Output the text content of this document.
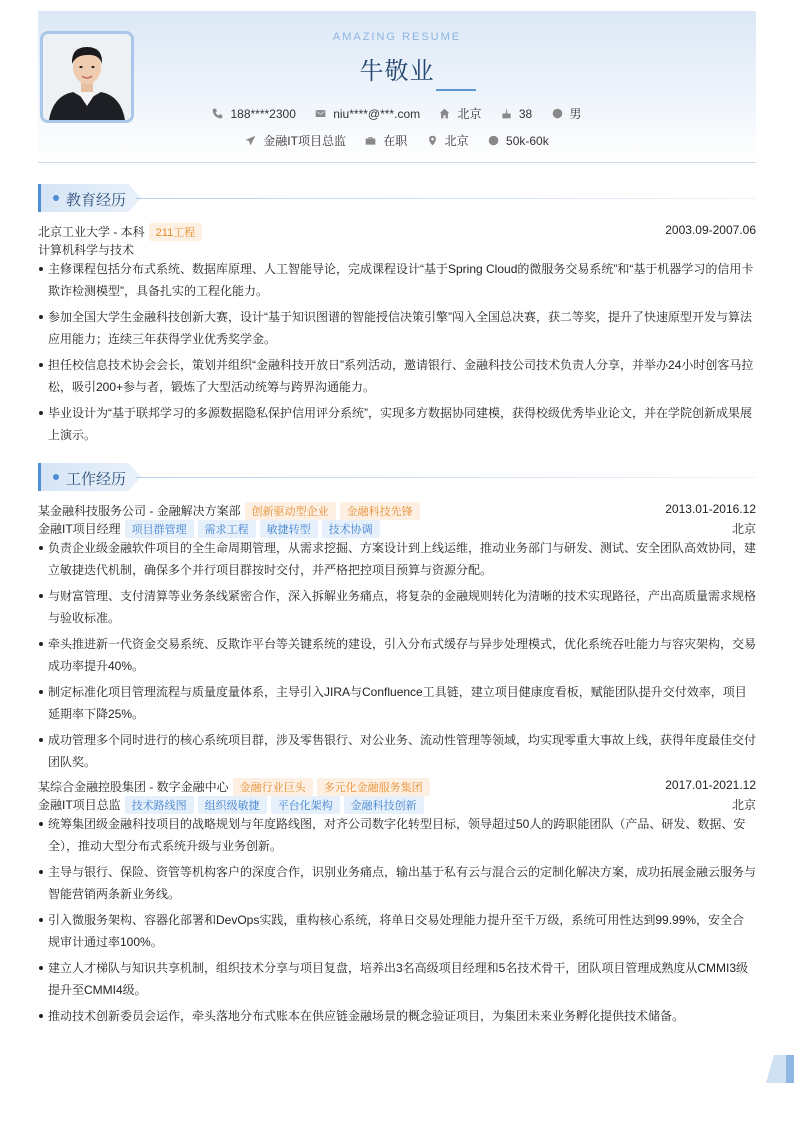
AMAZING RESUME
牛敬业
188****2300
	niu****@***.com
	北京
	38
	男
金融IT项目总监
	在职
	北京
	50k-60k
教育经历
北京工业大学 - 本科 211工程	2003.09-2007.06
计算机科学与技术
主修课程包括分布式系统、数据库原理、人工智能导论，完成课程设计“基于Spring Cloud的微服务交易系统”和“基于机器学习的信用卡欺诈检测模型”，具备扎实的工程化能力。
参加全国大学生金融科技创新大赛，设计“基于知识图谱的智能授信决策引擎”闯入全国总决赛，获二等奖，提升了快速原型开发与算法应用能力；连续三年获得学业优秀奖学金。
担任校信息技术协会会长，策划并组织“金融科技开放日”系列活动，邀请银行、金融科技公司技术负责人分享，并举办24小时创客马拉松，吸引200+参与者，锻炼了大型活动统筹与跨界沟通能力。
毕业设计为“基于联邦学习的多源数据隐私保护信用评分系统”，实现多方数据协同建模，获得校级优秀毕业论文，并在学院创新成果展上演示。
工作经历
某金融科技服务公司 - 金融解决方案部 创新驱动型企业 金融科技先锋	2013.01-2016.12
金融IT项目经理 项目群管理 需求工程 敏捷转型 技术协调	北京
负责企业级金融软件项目的全生命周期管理，从需求挖掘、方案设计到上线运维，推动业务部门与研发、测试、安全团队高效协同，建立敏捷迭代机制，确保多个并行项目群按时交付，并严格把控项目预算与资源分配。
与财富管理、支付清算等业务条线紧密合作，深入拆解业务痛点，将复杂的金融规则转化为清晰的技术实现路径，产出高质量需求规格与验收标准。
牵头推进新一代资金交易系统、反欺诈平台等关键系统的建设，引入分布式缓存与异步处理模式，优化系统吞吐能力与容灾架构，交易成功率提升40%。
制定标准化项目管理流程与质量度量体系，主导引入JIRA与Confluence工具链，建立项目健康度看板，赋能团队提升交付效率，项目延期率下降25%。
成功管理多个同时进行的核心系统项目群，涉及零售银行、对公业务、流动性管理等领域，均实现零重大事故上线，获得年度最佳交付团队奖。
某综合金融控股集团 - 数字金融中心 金融行业巨头 多元化金融服务集团	2017.01-2021.12
金融IT项目总监 技术路线图 组织级敏捷 平台化架构 金融科技创新	北京
统筹集团级金融科技项目的战略规划与年度路线图，对齐公司数字化转型目标，领导超过50人的跨职能团队（产品、研发、数据、安全），推动大型分布式系统升级与业务创新。
主导与银行、保险、资管等机构客户的深度合作，识别业务痛点，输出基于私有云与混合云的定制化解决方案，成功拓展金融云服务与智能营销两条新业务线。
引入微服务架构、容器化部署和DevOps实践，重构核心系统，将单日交易处理能力提升至千万级，系统可用性达到99.99%，安全合规审计通过率100%。
建立人才梯队与知识共享机制，组织技术分享与项目复盘，培养出3名高级项目经理和5名技术骨干，团队项目管理成熟度从CMMI3级提升至CMMI4级。
推动技术创新委员会运作，牵头落地分布式账本在供应链金融场景的概念验证项目，为集团未来业务孵化提供技术储备。
